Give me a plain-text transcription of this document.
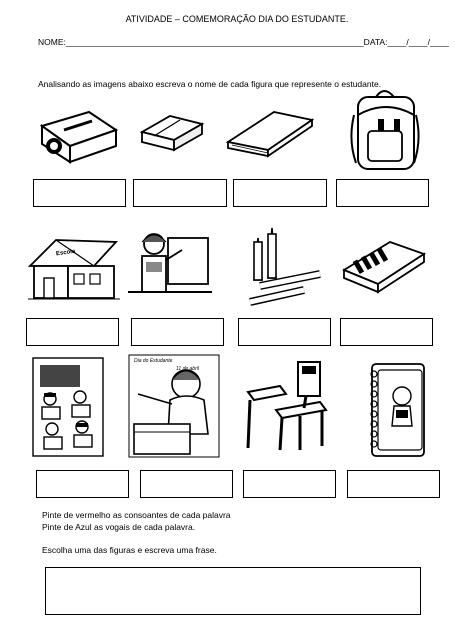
ATIVIDADE – COMEMORAÇÃO DIA DO ESTUDANTE.
NOME:_______________________________________________________________DATA:____/____/____
Analisando as imagens abaixo escreva o nome de cada figura que represente o estudante.
Escola
Dia do Estudante
11 de abril
Pinte de vermelho as consoantes de cada palavra
Pinte de Azul as vogais de cada palavra.
Escolha uma das figuras e escreva uma frase.
